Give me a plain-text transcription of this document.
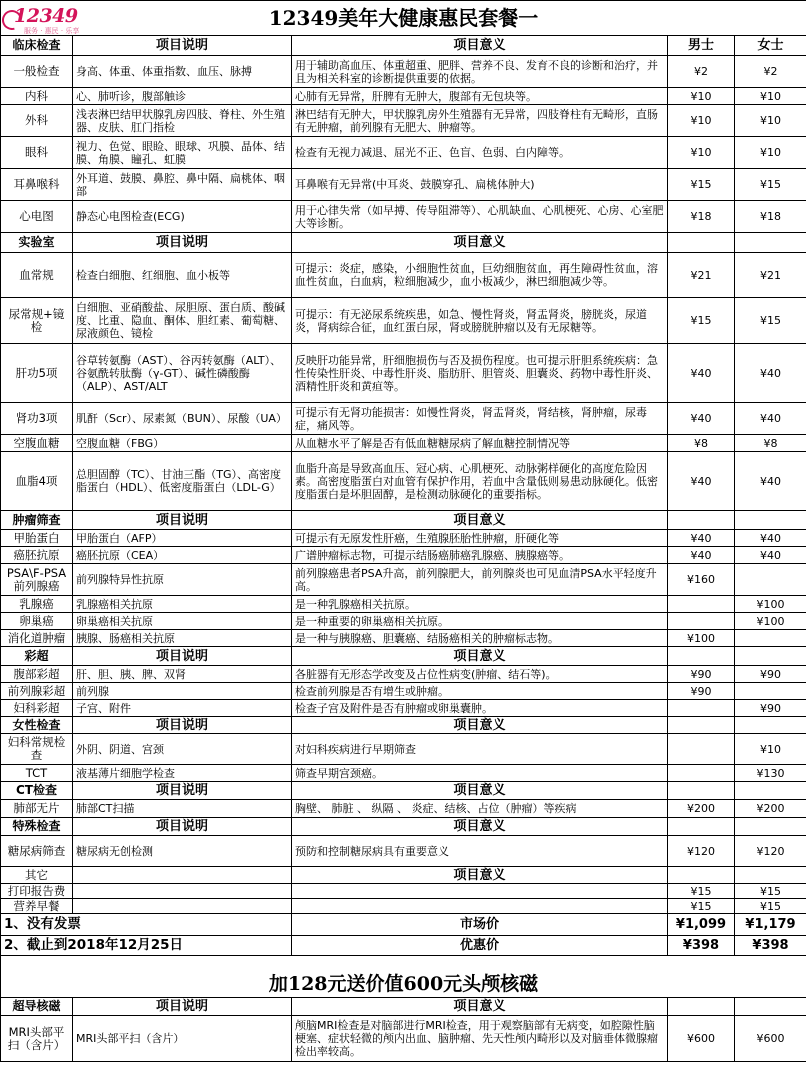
12349
服务 · 惠民 · 乐享
12349美年大健康惠民套餐一				
临床检查	项目说明	项目意义	男士	女士
一般检查	身高、体重、体重指数、血压、脉搏	用于辅助高血压、体重超重、肥胖、营养不良、发育不良的诊断和治疗，并且为相关科室的诊断提供重要的依据。	¥2	¥2
内科	心、肺听诊，腹部触诊	心肺有无异常，肝脾有无肿大，腹部有无包块等。	¥10	¥10
外科	浅表淋巴结甲状腺乳房四肢、脊柱、外生殖器、皮肤、肛门指检	淋巴结有无肿大，甲状腺乳房外生殖器有无异常，四肢脊柱有无畸形，直肠有无肿瘤，前列腺有无肥大、肿瘤等。	¥10	¥10
眼科	视力、色觉、眼睑、眼球、巩膜、晶体、结膜、角膜、瞳孔、虹膜	检查有无视力减退、屈光不正、色盲、色弱、白内障等。	¥10	¥10
耳鼻喉科	外耳道、鼓膜、鼻腔、鼻中隔、扁桃体、咽部	耳鼻喉有无异常(中耳炎、鼓膜穿孔、扁桃体肿大)	¥15	¥15
心电图	静态心电图检查(ECG)	用于心律失常（如早搏、传导阻滞等）、心肌缺血、心肌梗死、心房、心室肥大等诊断。	¥18	¥18
实验室	项目说明	项目意义		
血常规	检查白细胞、红细胞、血小板等	可提示：炎症，感染，小细胞性贫血，巨幼细胞贫血，再生障碍性贫血，溶血性贫血，白血病，粒细胞减少，血小板减少，淋巴细胞减少等。	¥21	¥21
尿常规+镜检	白细胞、亚硝酸盐、尿胆原、蛋白质、酸碱度、比重、隐血、酮体、胆红素、葡萄糖、尿液颜色、镜检	可提示：有无泌尿系统疾患，如急、慢性肾炎，肾盂肾炎，膀胱炎，尿道炎，肾病综合征，血红蛋白尿，肾或膀胱肿瘤以及有无尿糖等。	¥15	¥15
肝功5项	谷草转氨酶（AST）、谷丙转氨酶（ALT）、谷氨酰转肽酶（γ-GT）、碱性磷酸酶（ALP）、AST/ALT	反映肝功能异常，肝细胞损伤与否及损伤程度。也可提示肝胆系统疾病：急性传染性肝炎、中毒性肝炎、脂肪肝、胆管炎、胆囊炎、药物中毒性肝炎、酒精性肝炎和黄疸等。	¥40	¥40
肾功3项	肌酐（Scr）、尿素氮（BUN）、尿酸（UA）	可提示有无肾功能损害：如慢性肾炎，肾盂肾炎，肾结核，肾肿瘤，尿毒症，痛风等。	¥40	¥40
空腹血糖	空腹血糖（FBG）	从血糖水平了解是否有低血糖糖尿病了解血糖控制情况等	¥8	¥8
血脂4项	总胆固醇（TC）、甘油三酯（TG）、高密度脂蛋白（HDL）、低密度脂蛋白（LDL-G）	血脂升高是导致高血压、冠心病、心肌梗死、动脉粥样硬化的高度危险因素。高密度脂蛋白对血管有保护作用，若血中含量低则易患动脉硬化。低密度脂蛋白是坏胆固醇，是检测动脉硬化的重要指标。	¥40	¥40
肿瘤筛查	项目说明	项目意义		
甲胎蛋白	甲胎蛋白（AFP）	可提示有无原发性肝癌，生殖腺胚胎性肿瘤，肝硬化等	¥40	¥40
癌胚抗原	癌胚抗原（CEA）	广谱肿瘤标志物，可提示结肠癌肺癌乳腺癌、胰腺癌等。	¥40	¥40
PSA\F-PSA前列腺癌	前列腺特异性抗原	前列腺癌患者PSA升高，前列腺肥大，前列腺炎也可见血清PSA水平轻度升高。	¥160	
乳腺癌	乳腺癌相关抗原	是一种乳腺癌相关抗原。		¥100
卵巢癌	卵巢癌相关抗原	是一种重要的卵巢癌相关抗原。		¥100
消化道肿瘤	胰腺、肠癌相关抗原	是一种与胰腺癌、胆囊癌、结肠癌相关的肿瘤标志物。	¥100	
彩超	项目说明	项目意义		
腹部彩超	肝、胆、胰、脾、双肾	各脏器有无形态学改变及占位性病变(肿瘤、结石等)。	¥90	¥90
前列腺彩超	前列腺	检查前列腺是否有增生或肿瘤。	¥90	
妇科彩超	子宫、附件	检查子宫及附件是否有肿瘤或卵巢囊肿。		¥90
女性检查	项目说明	项目意义		
妇科常规检查	外阴、阴道、宫颈	对妇科疾病进行早期筛查		¥10
TCT	液基薄片细胞学检查	筛查早期宫颈癌。		¥130
CT检查	项目说明	项目意义		
肺部无片	肺部CT扫描	胸壁、 肺脏 、 纵隔 、 炎症、结核、占位（肿瘤）等疾病	¥200	¥200
特殊检查	项目说明	项目意义		
糖尿病筛查	糖尿病无创检测	预防和控制糖尿病具有重要意义	¥120	¥120
其它		项目意义		
打印报告费			¥15	¥15
营养早餐			¥15	¥15
1、没有发票		市场价	¥1,099	¥1,179
2、截止到2018年12月25日		优惠价	¥398	¥398

加128元送价值600元头颅核磁				
超导核磁	项目说明	项目意义		
MRI头部平扫（含片）	MRI头部平扫（含片）	颅脑MRI检查是对脑部进行MRI检查，用于观察脑部有无病变，如腔隙性脑梗塞、症状轻微的颅内出血、脑肿瘤、先天性颅内畸形以及对脑垂体微腺瘤检出率较高。	¥600	¥600
